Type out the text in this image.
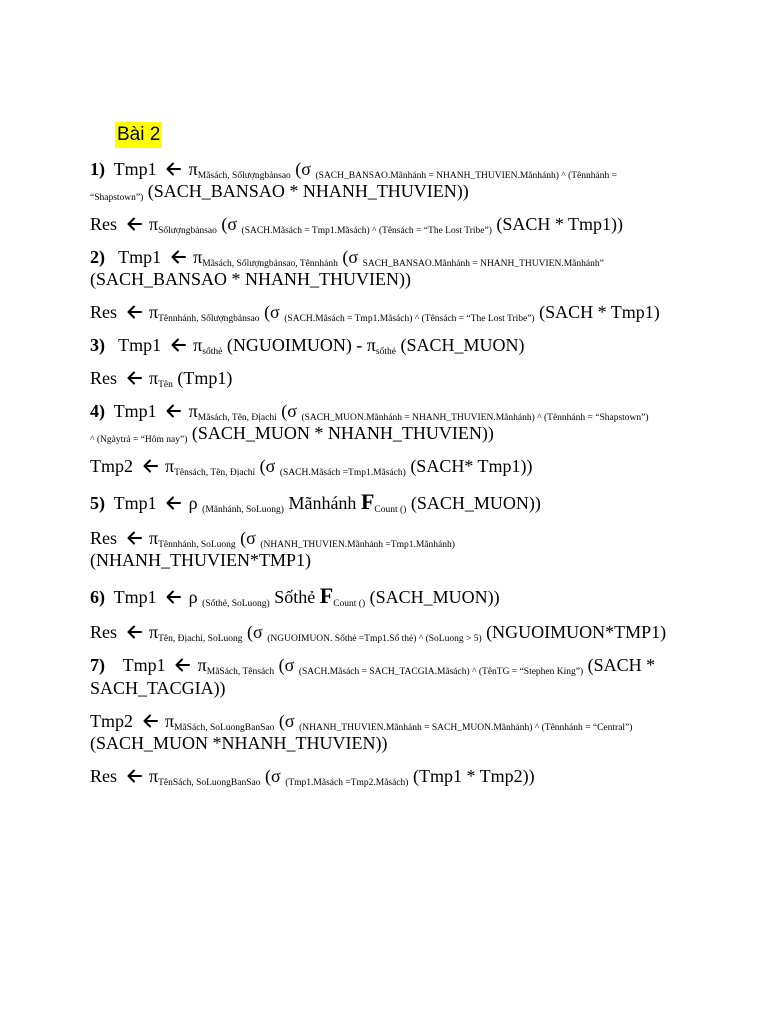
Bài 2
1)  Tmp1
$\pi_{Mãsách, Sốlượngbảnsao}$ (σ $_{(SACH\_BANSAO.Mãnhánh = NHANH\_THUVIEN.Mãnhánh) \^{} (Tênnhánh =}$
$_{“Shapstown”)}$ (SACH_BANSAO * NHANH_THUVIEN))
Res
$\pi_{Sốlượngbảnsao}$ (σ $_{(SACH.Mãsách = Tmp1.Mãsách) \^{} (Tênsách = “The Lost Tribe”)}$ (SACH * Tmp1))
2)   Tmp1
$\pi_{Mãsách, Sốlượngbảnsao, Tênnhánh}$ (σ $_{SACH\_BANSAO.Mãnhánh = NHANH\_THUVIEN.Mãnhánh”}$
(SACH_BANSAO * NHANH_THUVIEN))
Res
$\pi_{Tênnhánh, Sốlượngbảnsao}$ (σ $_{(SACH.Mãsách = Tmp1.Mãsách) \^{} (Tênsách = “The Lost Tribe”)}$ (SACH * Tmp1)
3)   Tmp1
$\pi_{sốthẻ}$ (NGUOIMUON) - $\pi_{sốthẻ}$ (SACH_MUON)
Res
$\pi_{Tên}$ (Tmp1)
4)  Tmp1
$\pi_{Mãsách, Tên, Địachỉ}$ (σ $_{(SACH\_MUON.Mãnhánh = NHANH\_THUVIEN.Mãnhánh) \^{} (Tênnhánh = “Shapstown”)}$
$_{\^{} (Ngàytrả = “Hôm nay”)}$ (SACH_MUON * NHANH_THUVIEN))
Tmp2
$\pi_{Tênsách, Tên, Địachỉ}$ (σ $_{(SACH.Mãsách =Tmp1.Mãsách)}$ (SACH* Tmp1))
5)  Tmp1
ρ $_{(Mãnhánh, SoLuong)}$ Mãnhánh $F_{Count ()}$ (SACH_MUON))
Res
$\pi_{Tênnhánh, SoLuong}$ (σ $_{(NHANH\_THUVIEN.Mãnhánh =Tmp1.Mãnhánh)}$
(NHANH_THUVIEN*TMP1)
6)  Tmp1
ρ $_{(Sốthẻ, SoLuong)}$ Sốthẻ $F_{Count ()}$ (SACH_MUON))
Res
$\pi_{Tên, Địachỉ, SoLuong}$ (σ $_{(NGUOIMUON. Sốthẻ =Tmp1.Số thẻ) \^{} (SoLuong > 5)}$ (NGUOIMUON*TMP1)
7)    Tmp1
$\pi_{MãSách, Tênsách}$ (σ $_{(SACH.Mãsách = SACH\_TACGIA.Mãsách) \^{} (TênTG = “Stephen King”)}$ (SACH *
SACH_TACGIA))
Tmp2
$\pi_{MãSách, SoLuongBanSao}$ (σ $_{(NHANH\_THUVIEN.Mãnhánh = SACH\_MUON.Mãnhánh) \^{} (Tênnhánh = “Central”)}$
(SACH_MUON *NHANH_THUVIEN))
Res
$\pi_{TênSách, SoLuongBanSao}$ (σ $_{(Tmp1.Mãsách =Tmp2.Mãsách)}$ (Tmp1 * Tmp2))
